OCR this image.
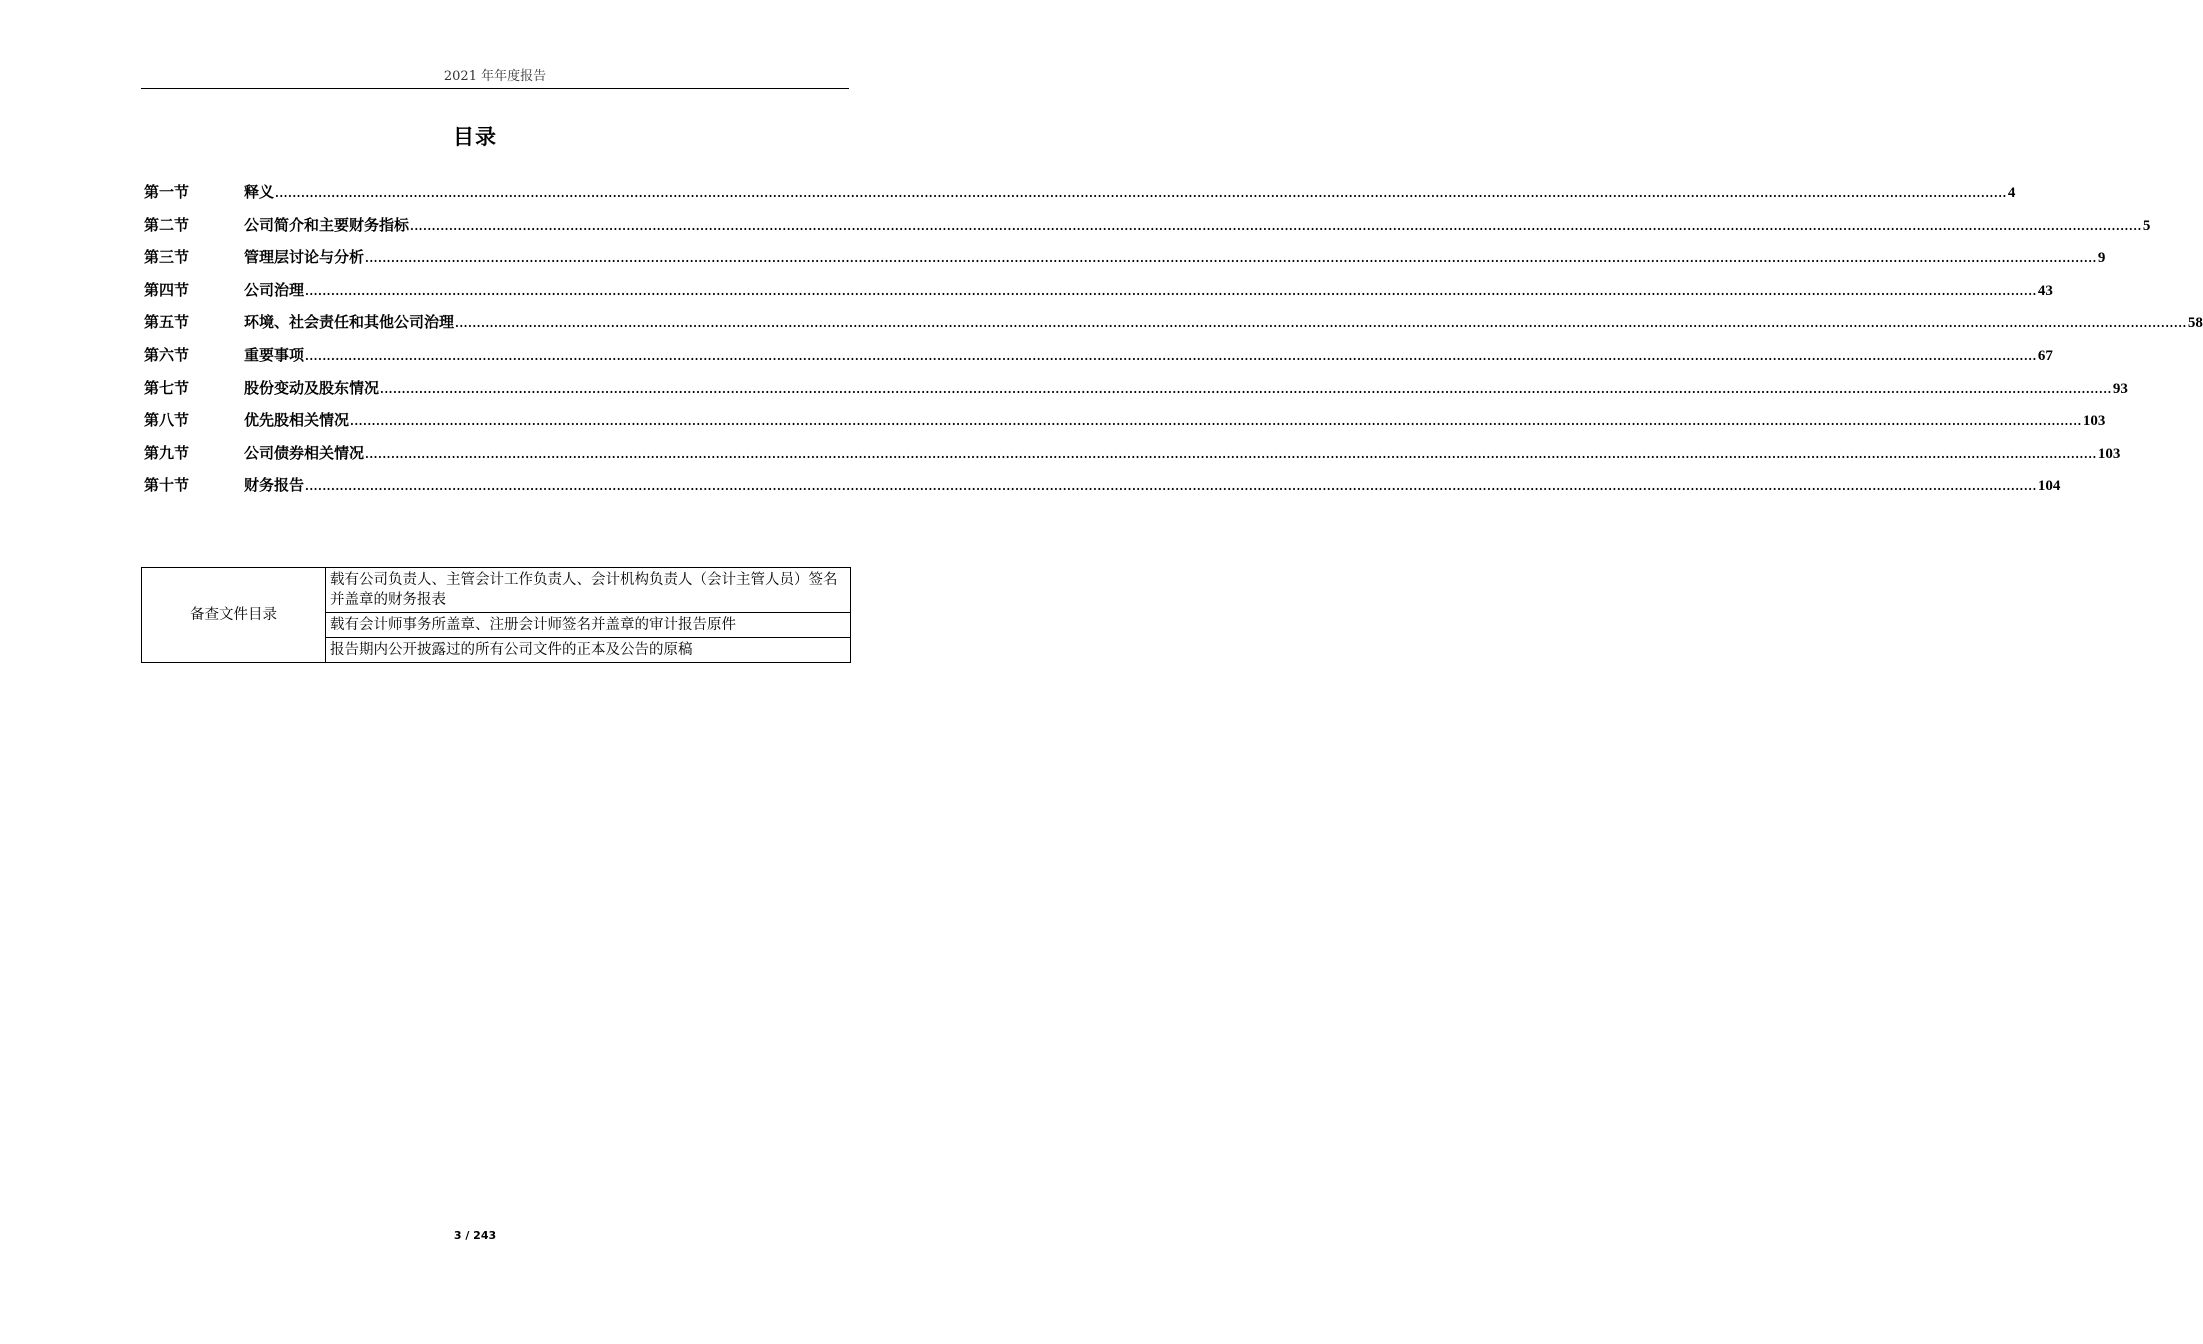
2021 年年度报告
目录
第一节	释义 ................................................................................................................................................................................................................................................................................................................................................................................................................ 4
第二节	公司简介和主要财务指标 ................................................................................................................................................................................................................................................................................................................................................................................................................ 5
第三节	管理层讨论与分析 ................................................................................................................................................................................................................................................................................................................................................................................................................ 9
第四节	公司治理 ................................................................................................................................................................................................................................................................................................................................................................................................................ 43
第五节	环境、社会责任和其他公司治理 ................................................................................................................................................................................................................................................................................................................................................................................................................ 58
第六节	重要事项 ................................................................................................................................................................................................................................................................................................................................................................................................................ 67
第七节	股份变动及股东情况 ................................................................................................................................................................................................................................................................................................................................................................................................................ 93
第八节	优先股相关情况 ................................................................................................................................................................................................................................................................................................................................................................................................................ 103
第九节	公司债券相关情况 ................................................................................................................................................................................................................................................................................................................................................................................................................ 103
第十节	财务报告 ................................................................................................................................................................................................................................................................................................................................................................................................................ 104
备查文件目录	载有公司负责人、主管会计工作负责人、会计机构负责人（会计主管人员）签名并盖章的财务报表
载有会计师事务所盖章、注册会计师签名并盖章的审计报告原件
报告期内公开披露过的所有公司文件的正本及公告的原稿
3 / 243
